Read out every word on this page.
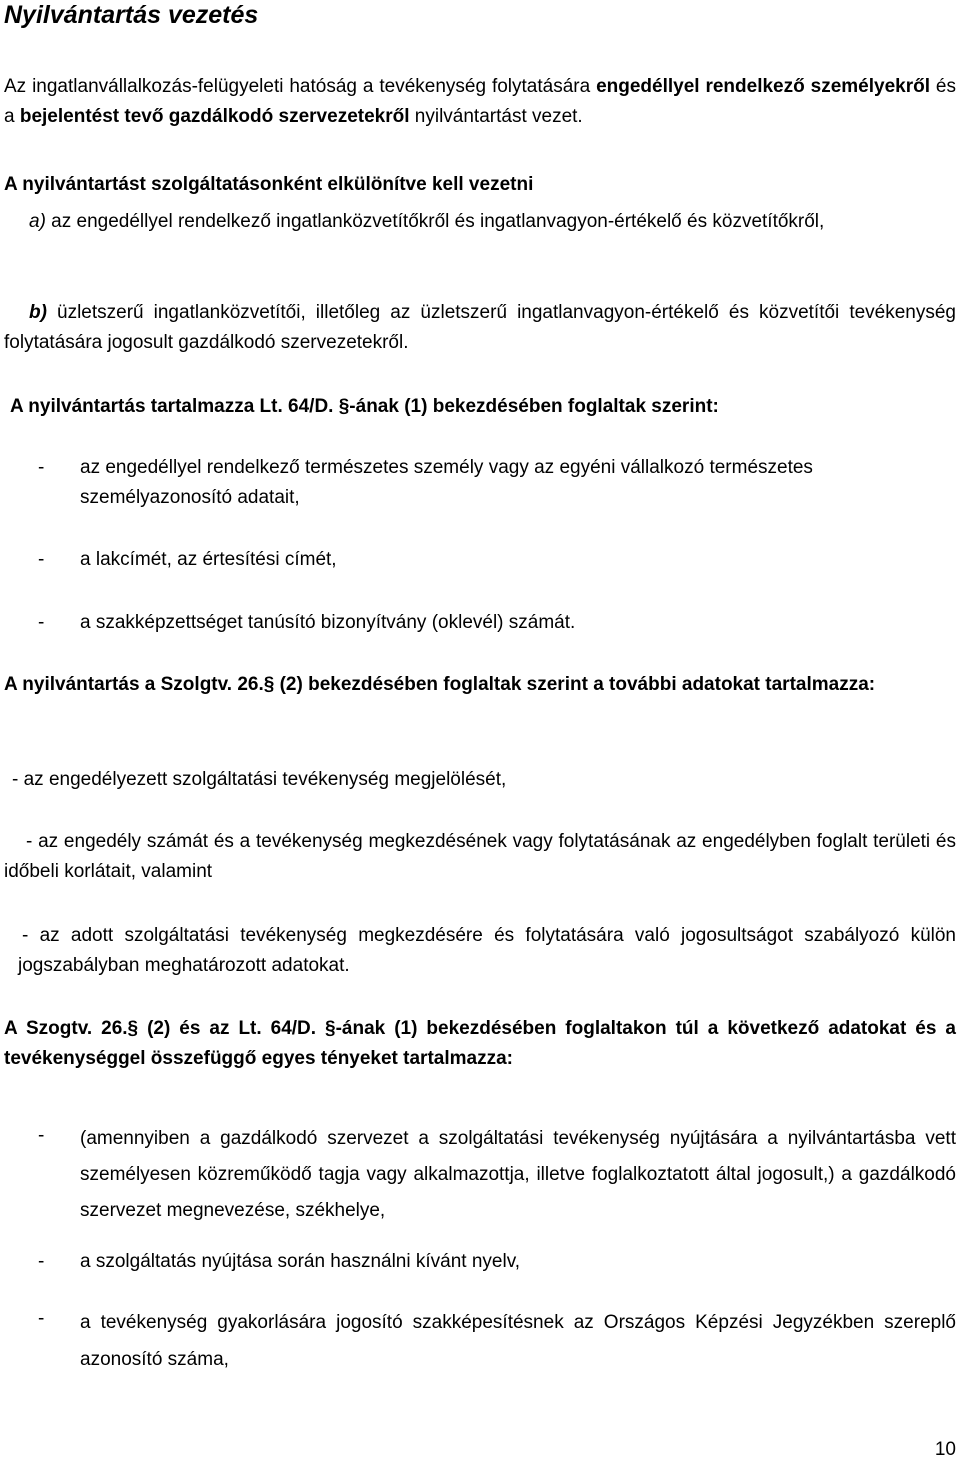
Nyilvántartás vezetés

Az ingatlanvállalkozás-felügyeleti hatóság a tevékenység folytatására engedéllyel rendelkező személyekről és a bejelentést tevő gazdálkodó szervezetekről nyilvántartást vezet.

A nyilvántartást szolgáltatásonként elkülönítve kell vezetni

a) az engedéllyel rendelkező ingatlanközvetítőkről és ingatlanvagyon-értékelő és közvetítőkről,

b) üzletszerű ingatlanközvetítői, illetőleg az üzletszerű ingatlanvagyon-értékelő és közvetítői tevékenység folytatására jogosult gazdálkodó szervezetekről.

A nyilvántartás tartalmazza Lt. 64/D. §-ának (1) bekezdésében foglaltak szerint:

- az engedéllyel rendelkező természetes személy vagy az egyéni vállalkozó természetes személyazonosító adatait,
- a lakcímét, az értesítési címét,
- a szakképzettséget tanúsító bizonyítvány (oklevél) számát.

A nyilvántartás a Szolgtv. 26.§ (2) bekezdésében foglaltak szerint a további adatokat tartalmazza:

- az engedélyezett szolgáltatási tevékenység megjelölését,

- az engedély számát és a tevékenység megkezdésének vagy folytatásának az engedélyben foglalt területi és időbeli korlátait, valamint

- az adott szolgáltatási tevékenység megkezdésére és folytatására való jogosultságot szabályozó külön jogszabályban meghatározott adatokat.

A Szogtv. 26.§ (2) és az Lt. 64/D. §-ának (1) bekezdésében foglaltakon túl a következő adatokat és a tevékenységgel összefüggő egyes tényeket tartalmazza:

- (amennyiben a gazdálkodó szervezet a szolgáltatási tevékenység nyújtására a nyilvántartásba vett személyesen közreműködő tagja vagy alkalmazottja, illetve foglalkoztatott által jogosult,) a gazdálkodó szervezet megnevezése, székhelye,
- a szolgáltatás nyújtása során használni kívánt nyelv,
- a tevékenység gyakorlására jogosító szakképesítésnek az Országos Képzési Jegyzékben szereplő azonosító száma,
10
